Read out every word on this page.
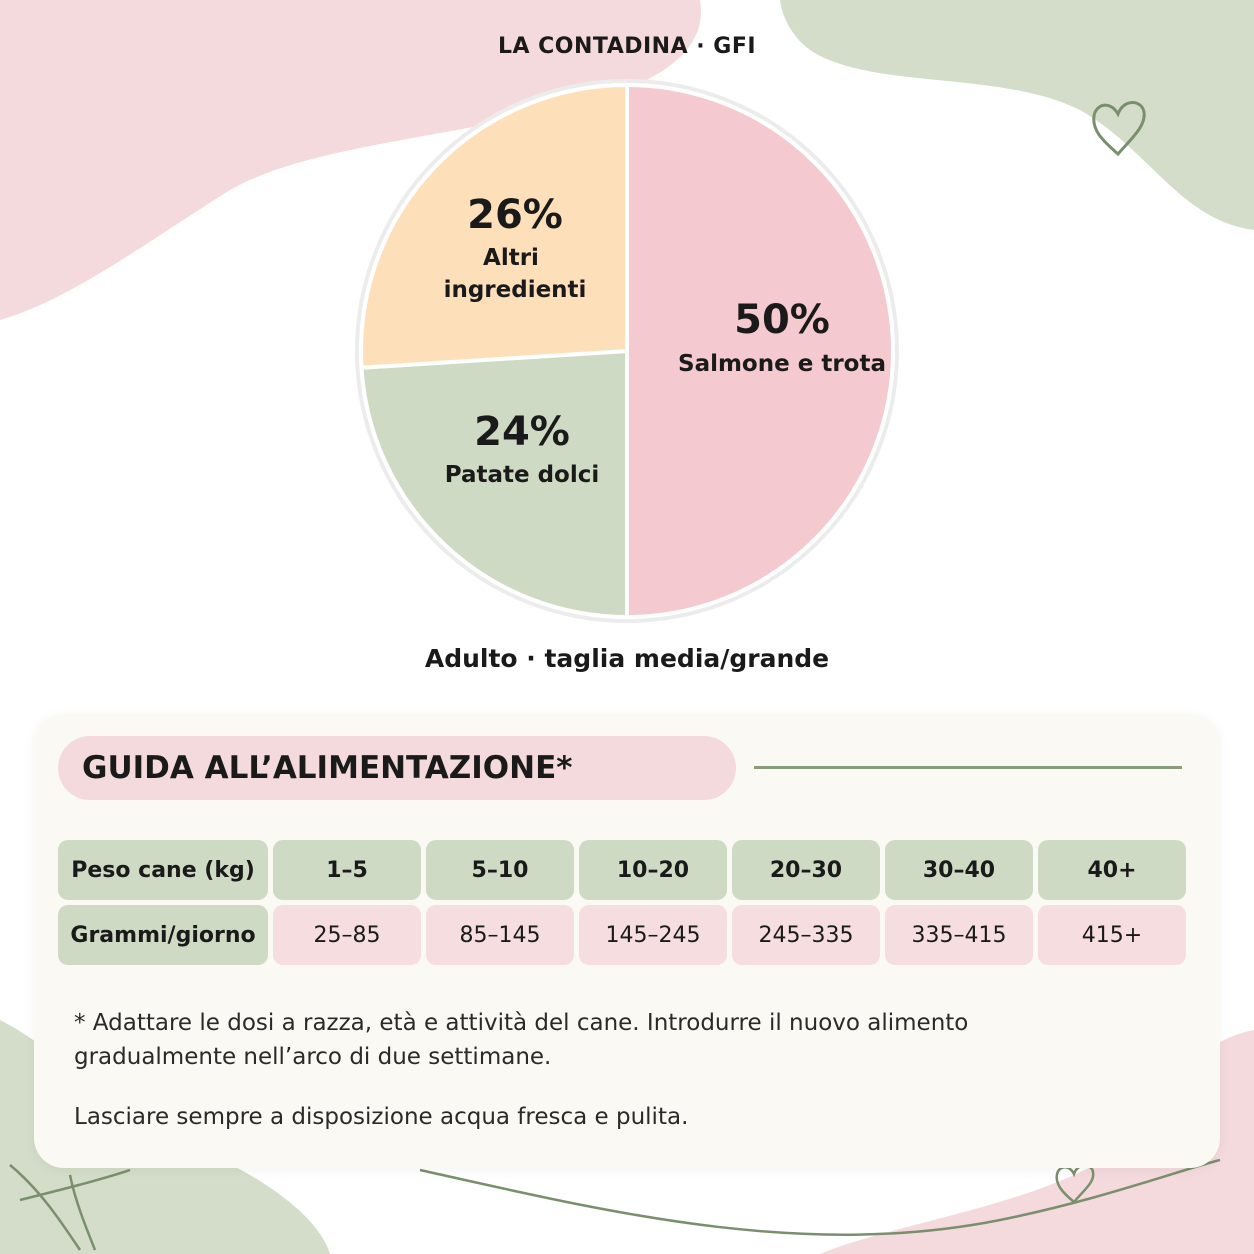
LA CONTADINA · GFI
50%
Salmone e trota
24%
Patate dolci
26%
Altri ingredienti
Adulto · taglia media/grande
GUIDA ALL’ALIMENTAZIONE*
Peso cane (kg)	1–5	5–10	10–20	20–30	30–40	40+
Grammi/giorno	25–85	85–145	145–245	245–335	335–415	415+
* Adattare le dosi a razza, età e attività del cane. Introdurre il nuovo alimento gradualmente nell’arco di due settimane.
Lasciare sempre a disposizione acqua fresca e pulita.
